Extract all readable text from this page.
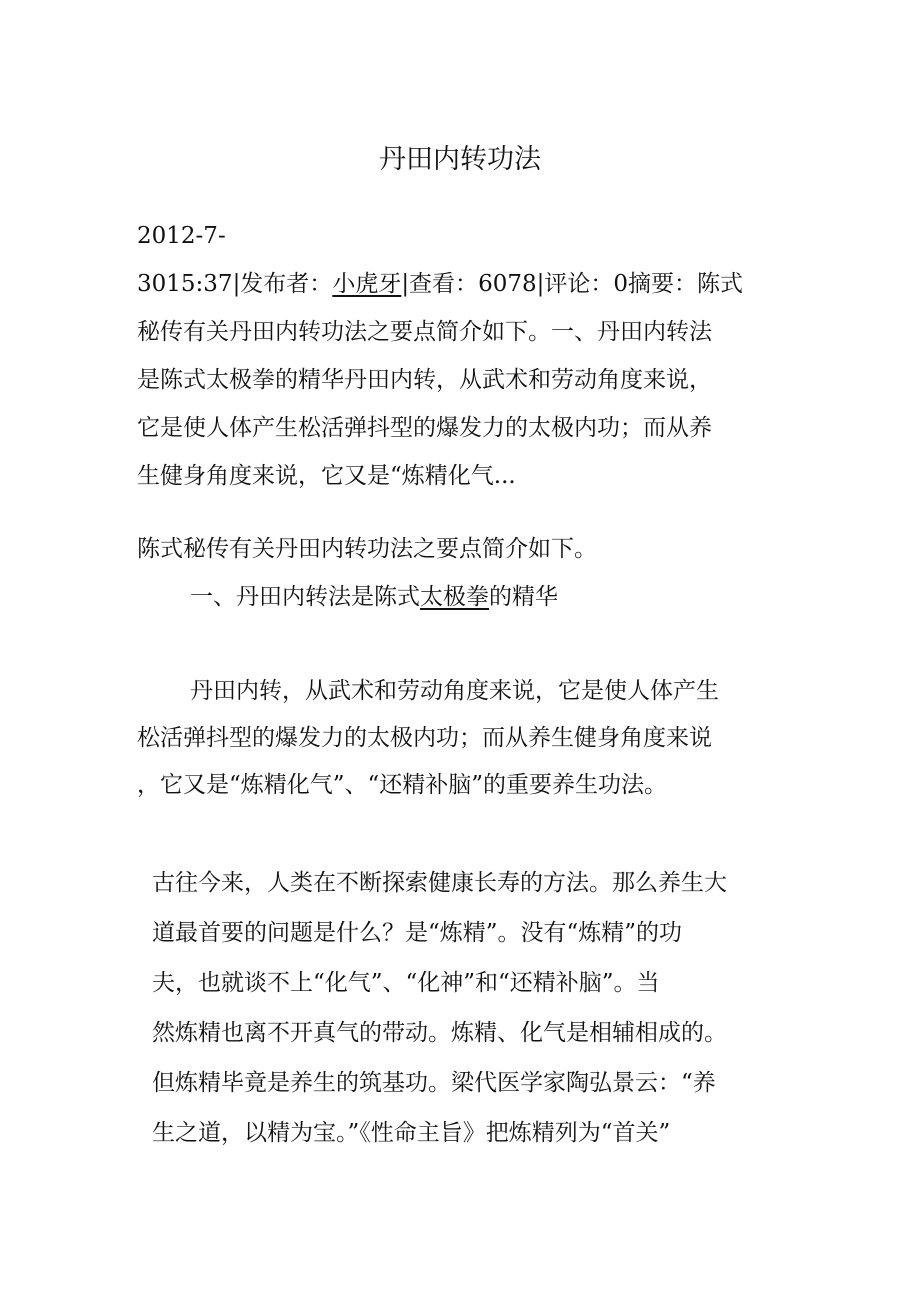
丹田内转功法
2012-7-
3015:37|发布者：小虎牙|查看：6078|评论：0摘要：陈式
秘传有关丹田内转功法之要点简介如下。一、丹田内转法
是陈式太极拳的精华丹田内转，从武术和劳动角度来说，
它是使人体产生松活弹抖型的爆发力的太极内功；而从养
生健身角度来说，它又是“炼精化气...
陈式秘传有关丹田内转功法之要点简介如下。
一、丹田内转法是陈式太极拳的精华
丹田内转，从武术和劳动角度来说，它是使人体产生
松活弹抖型的爆发力的太极内功；而从养生健身角度来说
，它又是“炼精化气”、“还精补脑”的重要养生功法。
古往今来，人类在不断探索健康长寿的方法。那么养生大
道最首要的问题是什么？是“炼精”。没有“炼精”的功
夫，也就谈不上“化气”、“化神”和“还精补脑”。当
然炼精也离不开真气的带动。炼精、化气是相辅相成的。
但炼精毕竟是养生的筑基功。梁代医学家陶弘景云：“养
生之道，以精为宝。”《性命主旨》把炼精列为“首关”
